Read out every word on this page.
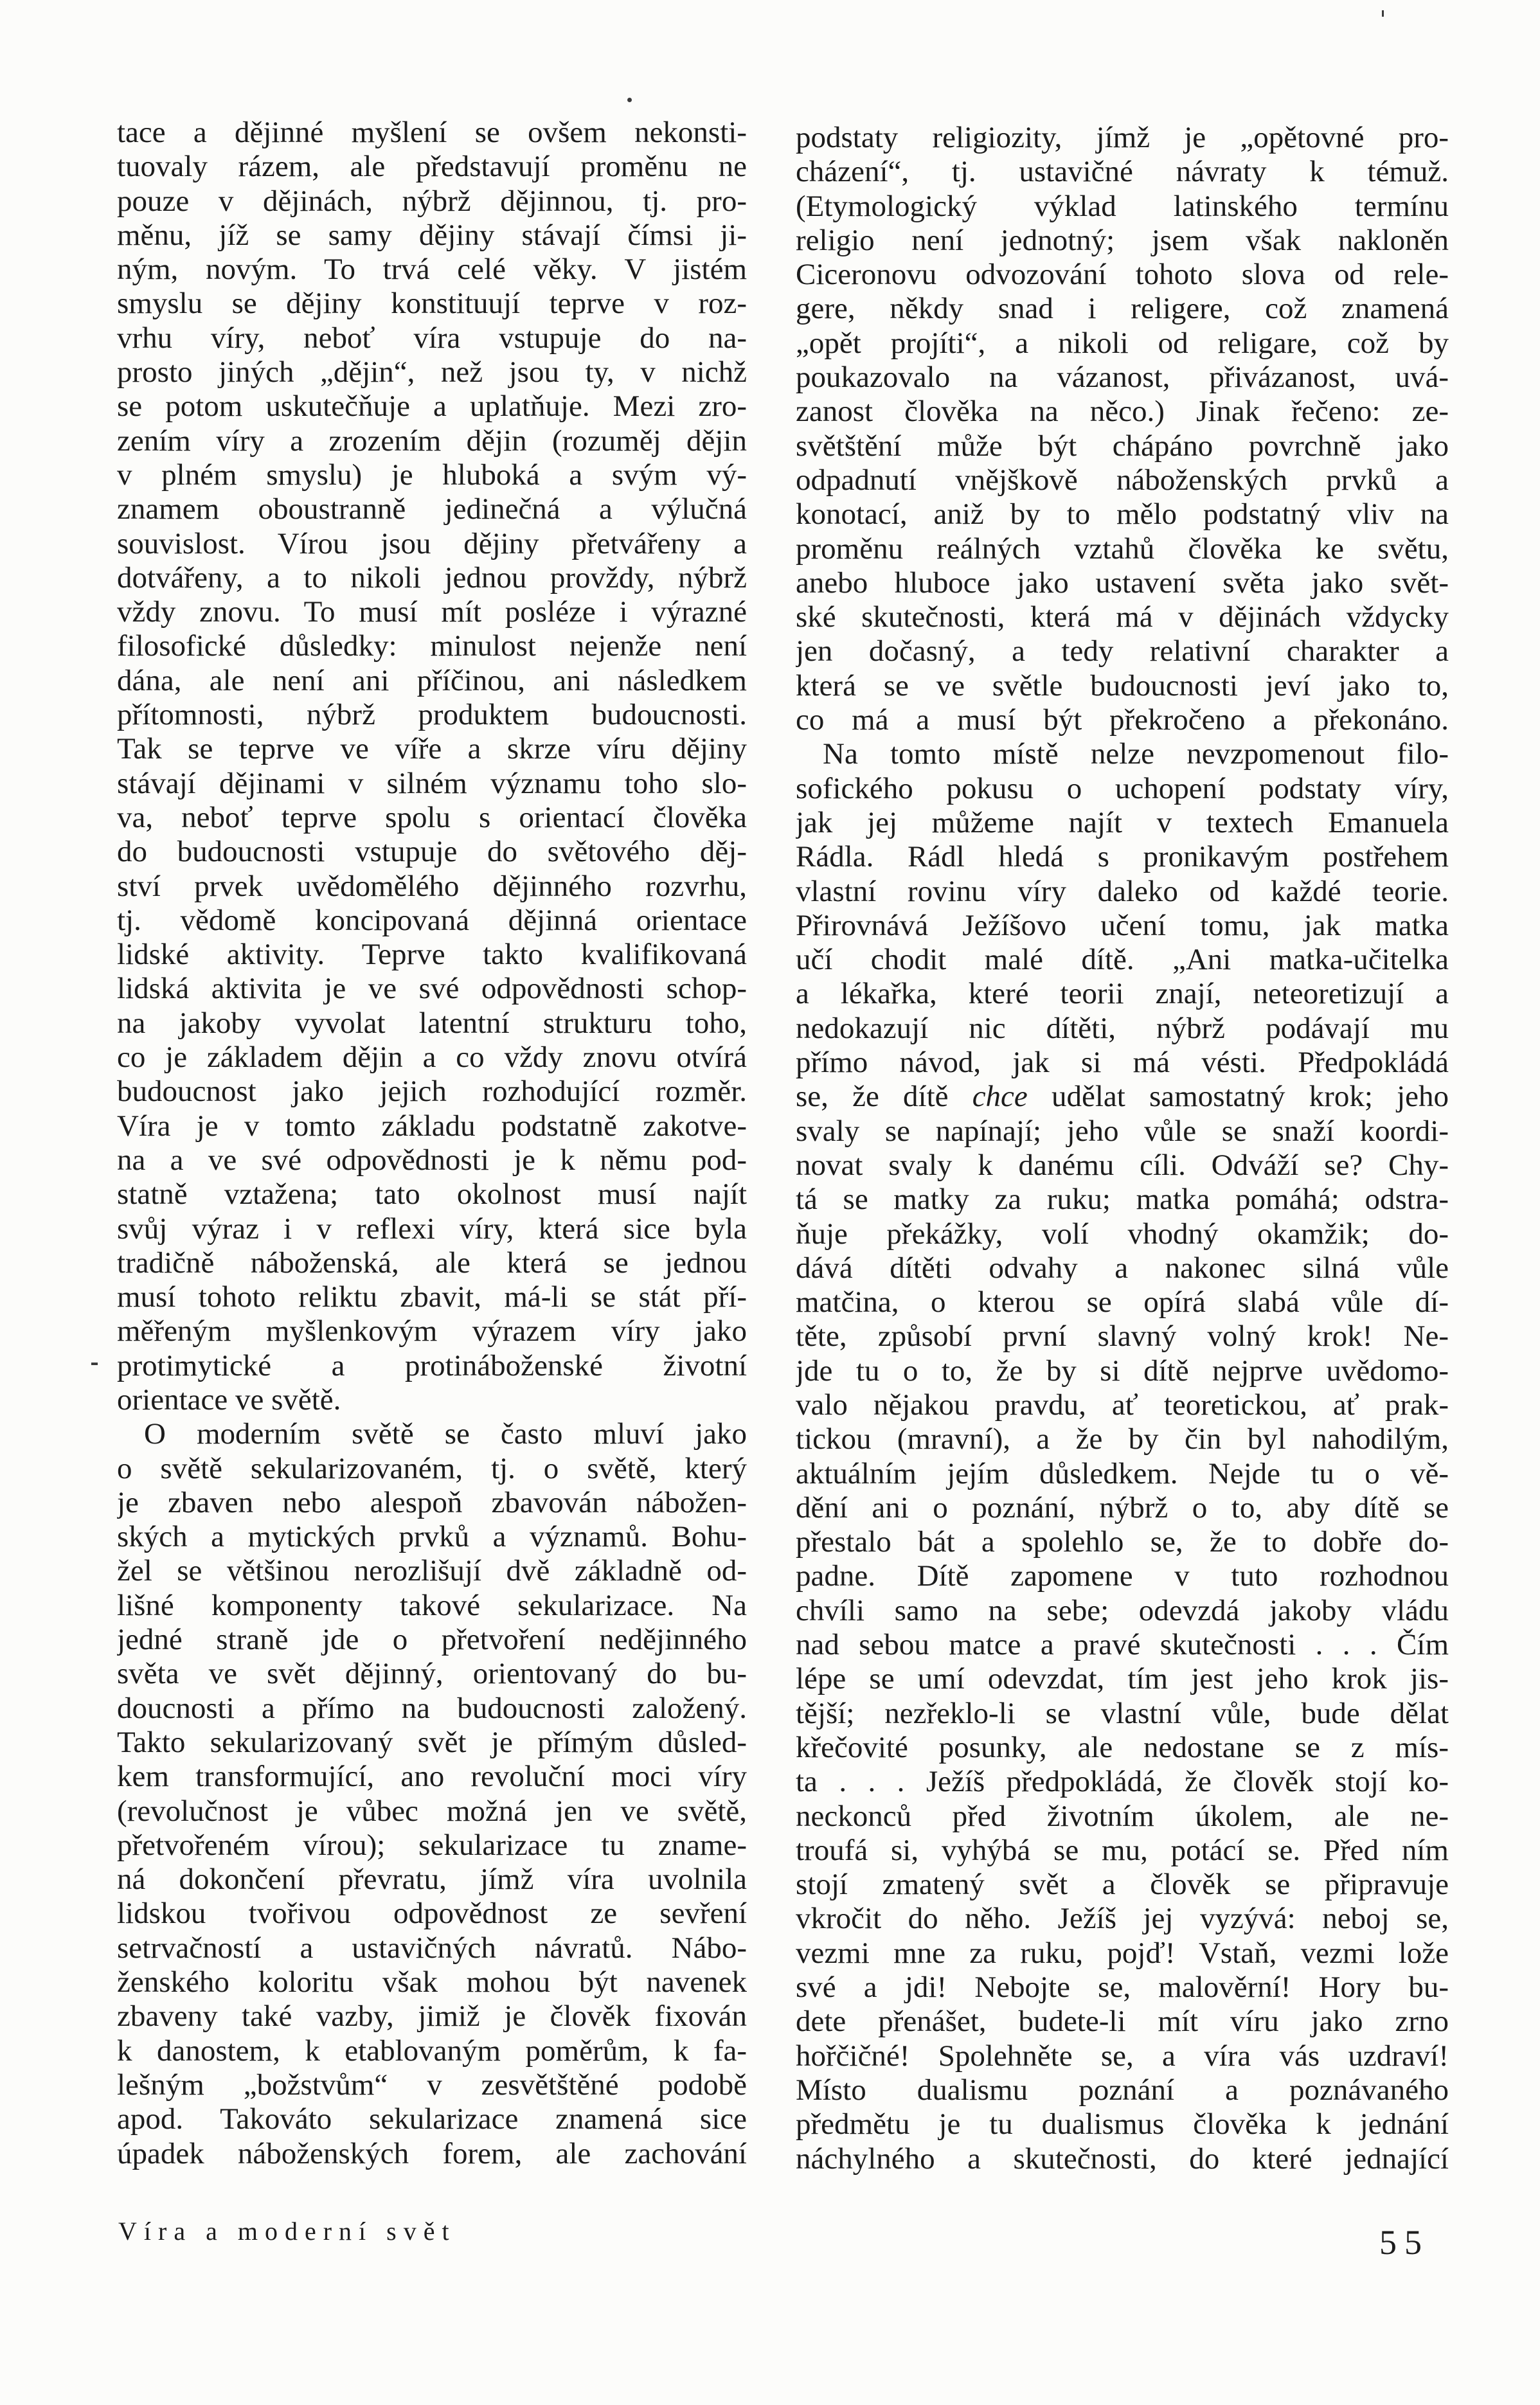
tace a dějinné myšlení se ovšem nekonsti-
tuovaly rázem, ale představují proměnu ne
pouze v dějinách, nýbrž dějinnou, tj. pro-
měnu, jíž se samy dějiny stávají čímsi ji-
ným, novým. To trvá celé věky. V jistém
smyslu se dějiny konstituují teprve v roz-
vrhu víry, neboť víra vstupuje do na-
prosto jiných „dějin“, než jsou ty, v nichž
se potom uskutečňuje a uplatňuje. Mezi zro-
zením víry a zrozením dějin (rozuměj dějin
v plném smyslu) je hluboká a svým vý-
znamem oboustranně jedinečná a výlučná
souvislost. Vírou jsou dějiny přetvářeny a
dotvářeny, a to nikoli jednou provždy, nýbrž
vždy znovu. To musí mít posléze i výrazné
filosofické důsledky: minulost nejenže není
dána, ale není ani příčinou, ani následkem
přítomnosti, nýbrž produktem budoucnosti.
Tak se teprve ve víře a skrze víru dějiny
stávají dějinami v silném významu toho slo-
va, neboť teprve spolu s orientací člověka
do budoucnosti vstupuje do světového děj-
ství prvek uvědomělého dějinného rozvrhu,
tj. vědomě koncipovaná dějinná orientace
lidské aktivity. Teprve takto kvalifikovaná
lidská aktivita je ve své odpovědnosti schop-
na jakoby vyvolat latentní strukturu toho,
co je základem dějin a co vždy znovu otvírá
budoucnost jako jejich rozhodující rozměr.
Víra je v tomto základu podstatně zakotve-
na a ve své odpovědnosti je k němu pod-
statně vztažena; tato okolnost musí najít
svůj výraz i v reflexi víry, která sice byla
tradičně náboženská, ale která se jednou
musí tohoto reliktu zbavit, má-li se stát pří-
měřeným myšlenkovým výrazem víry jako
protimytické a protináboženské životní
orientace ve světě.
O moderním světě se často mluví jako
o světě sekularizovaném, tj. o světě, který
je zbaven nebo alespoň zbavován nábožen-
ských a mytických prvků a významů. Bohu-
žel se většinou nerozlišují dvě základně od-
lišné komponenty takové sekularizace. Na
jedné straně jde o přetvoření nedějinného
světa ve svět dějinný, orientovaný do bu-
doucnosti a přímo na budoucnosti založený.
Takto sekularizovaný svět je přímým důsled-
kem transformující, ano revoluční moci víry
(revolučnost je vůbec možná jen ve světě,
přetvořeném vírou); sekularizace tu zname-
ná dokončení převratu, jímž víra uvolnila
lidskou tvořivou odpovědnost ze sevření
setrvačností a ustavičných návratů. Nábo-
ženského koloritu však mohou být navenek
zbaveny také vazby, jimiž je člověk fixován
k danostem, k etablovaným poměrům, k fa-
lešným „božstvům“ v zesvětštěné podobě
apod. Takováto sekularizace znamená sice
úpadek náboženských forem, ale zachování
podstaty religiozity, jímž je „opětovné pro-
cházení“, tj. ustavičné návraty k témuž.
(Etymologický výklad latinského termínu
religio není jednotný; jsem však nakloněn
Ciceronovu odvozování tohoto slova od rele-
gere, někdy snad i religere, což znamená
„opět projíti“, a nikoli od religare, což by
poukazovalo na vázanost, přivázanost, uvá-
zanost člověka na něco.) Jinak řečeno: ze-
světštění může být chápáno povrchně jako
odpadnutí vnějškově náboženských prvků a
konotací, aniž by to mělo podstatný vliv na
proměnu reálných vztahů člověka ke světu,
anebo hluboce jako ustavení světa jako svět-
ské skutečnosti, která má v dějinách vždycky
jen dočasný, a tedy relativní charakter a
která se ve světle budoucnosti jeví jako to,
co má a musí být překročeno a překonáno.
Na tomto místě nelze nevzpomenout filo-
sofického pokusu o uchopení podstaty víry,
jak jej můžeme najít v textech Emanuela
Rádla. Rádl hledá s pronikavým postřehem
vlastní rovinu víry daleko od každé teorie.
Přirovnává Ježíšovo učení tomu, jak matka
učí chodit malé dítě. „Ani matka-učitelka
a lékařka, které teorii znají, neteoretizují a
nedokazují nic dítěti, nýbrž podávají mu
přímo návod, jak si má vésti. Předpokládá
se, že dítě chce udělat samostatný krok; jeho
svaly se napínají; jeho vůle se snaží koordi-
novat svaly k danému cíli. Odváží se? Chy-
tá se matky za ruku; matka pomáhá; odstra-
ňuje překážky, volí vhodný okamžik; do-
dává dítěti odvahy a nakonec silná vůle
matčina, o kterou se opírá slabá vůle dí-
těte, způsobí první slavný volný krok! Ne-
jde tu o to, že by si dítě nejprve uvědomo-
valo nějakou pravdu, ať teoretickou, ať prak-
tickou (mravní), a že by čin byl nahodilým,
aktuálním jejím důsledkem. Nejde tu o vě-
dění ani o poznání, nýbrž o to, aby dítě se
přestalo bát a spolehlo se, že to dobře do-
padne. Dítě zapomene v tuto rozhodnou
chvíli samo na sebe; odevzdá jakoby vládu
nad sebou matce a pravé skutečnosti . . . Čím
lépe se umí odevzdat, tím jest jeho krok jis-
tější; nezřeklo-li se vlastní vůle, bude dělat
křečovité posunky, ale nedostane se z mís-
ta . . . Ježíš předpokládá, že člověk stojí ko-
neckonců před životním úkolem, ale ne-
troufá si, vyhýbá se mu, potácí se. Před ním
stojí zmatený svět a člověk se připravuje
vkročit do něho. Ježíš jej vyzývá: neboj se,
vezmi mne za ruku, pojď! Vstaň, vezmi lože
své a jdi! Nebojte se, malověrní! Hory bu-
dete přenášet, budete-li mít víru jako zrno
hořčičné! Spolehněte se, a víra vás uzdraví!
Místo dualismu poznání a poznávaného
předmětu je tu dualismus člověka k jednání
náchylného a skutečnosti, do které jednající
Víra a moderní svět	55
